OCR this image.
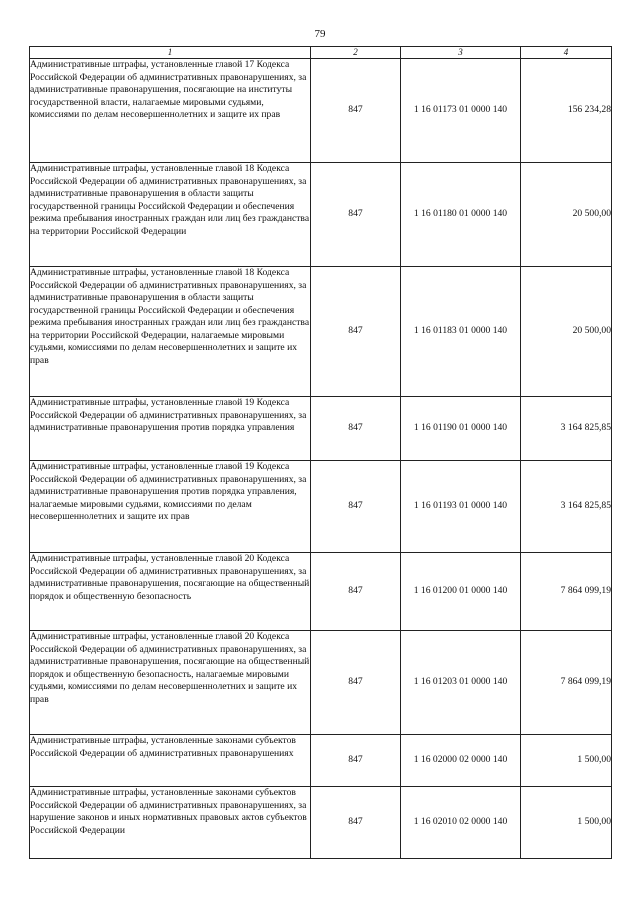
79
1	2	3	4
Административные штрафы, установленные главой 17 Кодекса Российской Федерации об административных правонарушениях, за административные правонарушения, посягающие на институты государственной власти, налагаемые мировыми судьями, комиссиями по делам несовершеннолетних и защите их прав	847	1 16 01173 01 0000 140	156 234,28
Административные штрафы, установленные главой 18 Кодекса Российской Федерации об административных правонарушениях, за административные правонарушения в области защиты государственной границы Российской Федерации и обеспечения режима пребывания иностранных граждан или лиц без гражданства на территории Российской Федерации	847	1 16 01180 01 0000 140	20 500,00
Административные штрафы, установленные главой 18 Кодекса Российской Федерации об административных правонарушениях, за административные правонарушения в области защиты государственной границы Российской Федерации и обеспечения режима пребывания иностранных граждан или лиц без гражданства на территории Российской Федерации, налагаемые мировыми судьями, комиссиями по делам несовершеннолетних и защите их прав	847	1 16 01183 01 0000 140	20 500,00
Административные штрафы, установленные главой 19 Кодекса Российской Федерации об административных правонарушениях, за административные правонарушения против порядка управления	847	1 16 01190 01 0000 140	3 164 825,85
Административные штрафы, установленные главой 19 Кодекса Российской Федерации об административных правонарушениях, за административные правонарушения против порядка управления, налагаемые мировыми судьями, комиссиями по делам несовершеннолетних и защите их прав	847	1 16 01193 01 0000 140	3 164 825,85
Административные штрафы, установленные главой 20 Кодекса Российской Федерации об административных правонарушениях, за административные правонарушения, посягающие на общественный порядок и общественную безопасность	847	1 16 01200 01 0000 140	7 864 099,19
Административные штрафы, установленные главой 20 Кодекса Российской Федерации об административных правонарушениях, за административные правонарушения, посягающие на общественный порядок и общественную безопасность, налагаемые мировыми судьями, комиссиями по делам несовершеннолетних и защите их прав	847	1 16 01203 01 0000 140	7 864 099,19
Административные штрафы, установленные законами субъектов Российской Федерации об административных правонарушениях	847	1 16 02000 02 0000 140	1 500,00
Административные штрафы, установленные законами субъектов Российской Федерации об административных правонарушениях, за нарушение законов и иных нормативных правовых актов субъектов Российской Федерации	847	1 16 02010 02 0000 140	1 500,00
